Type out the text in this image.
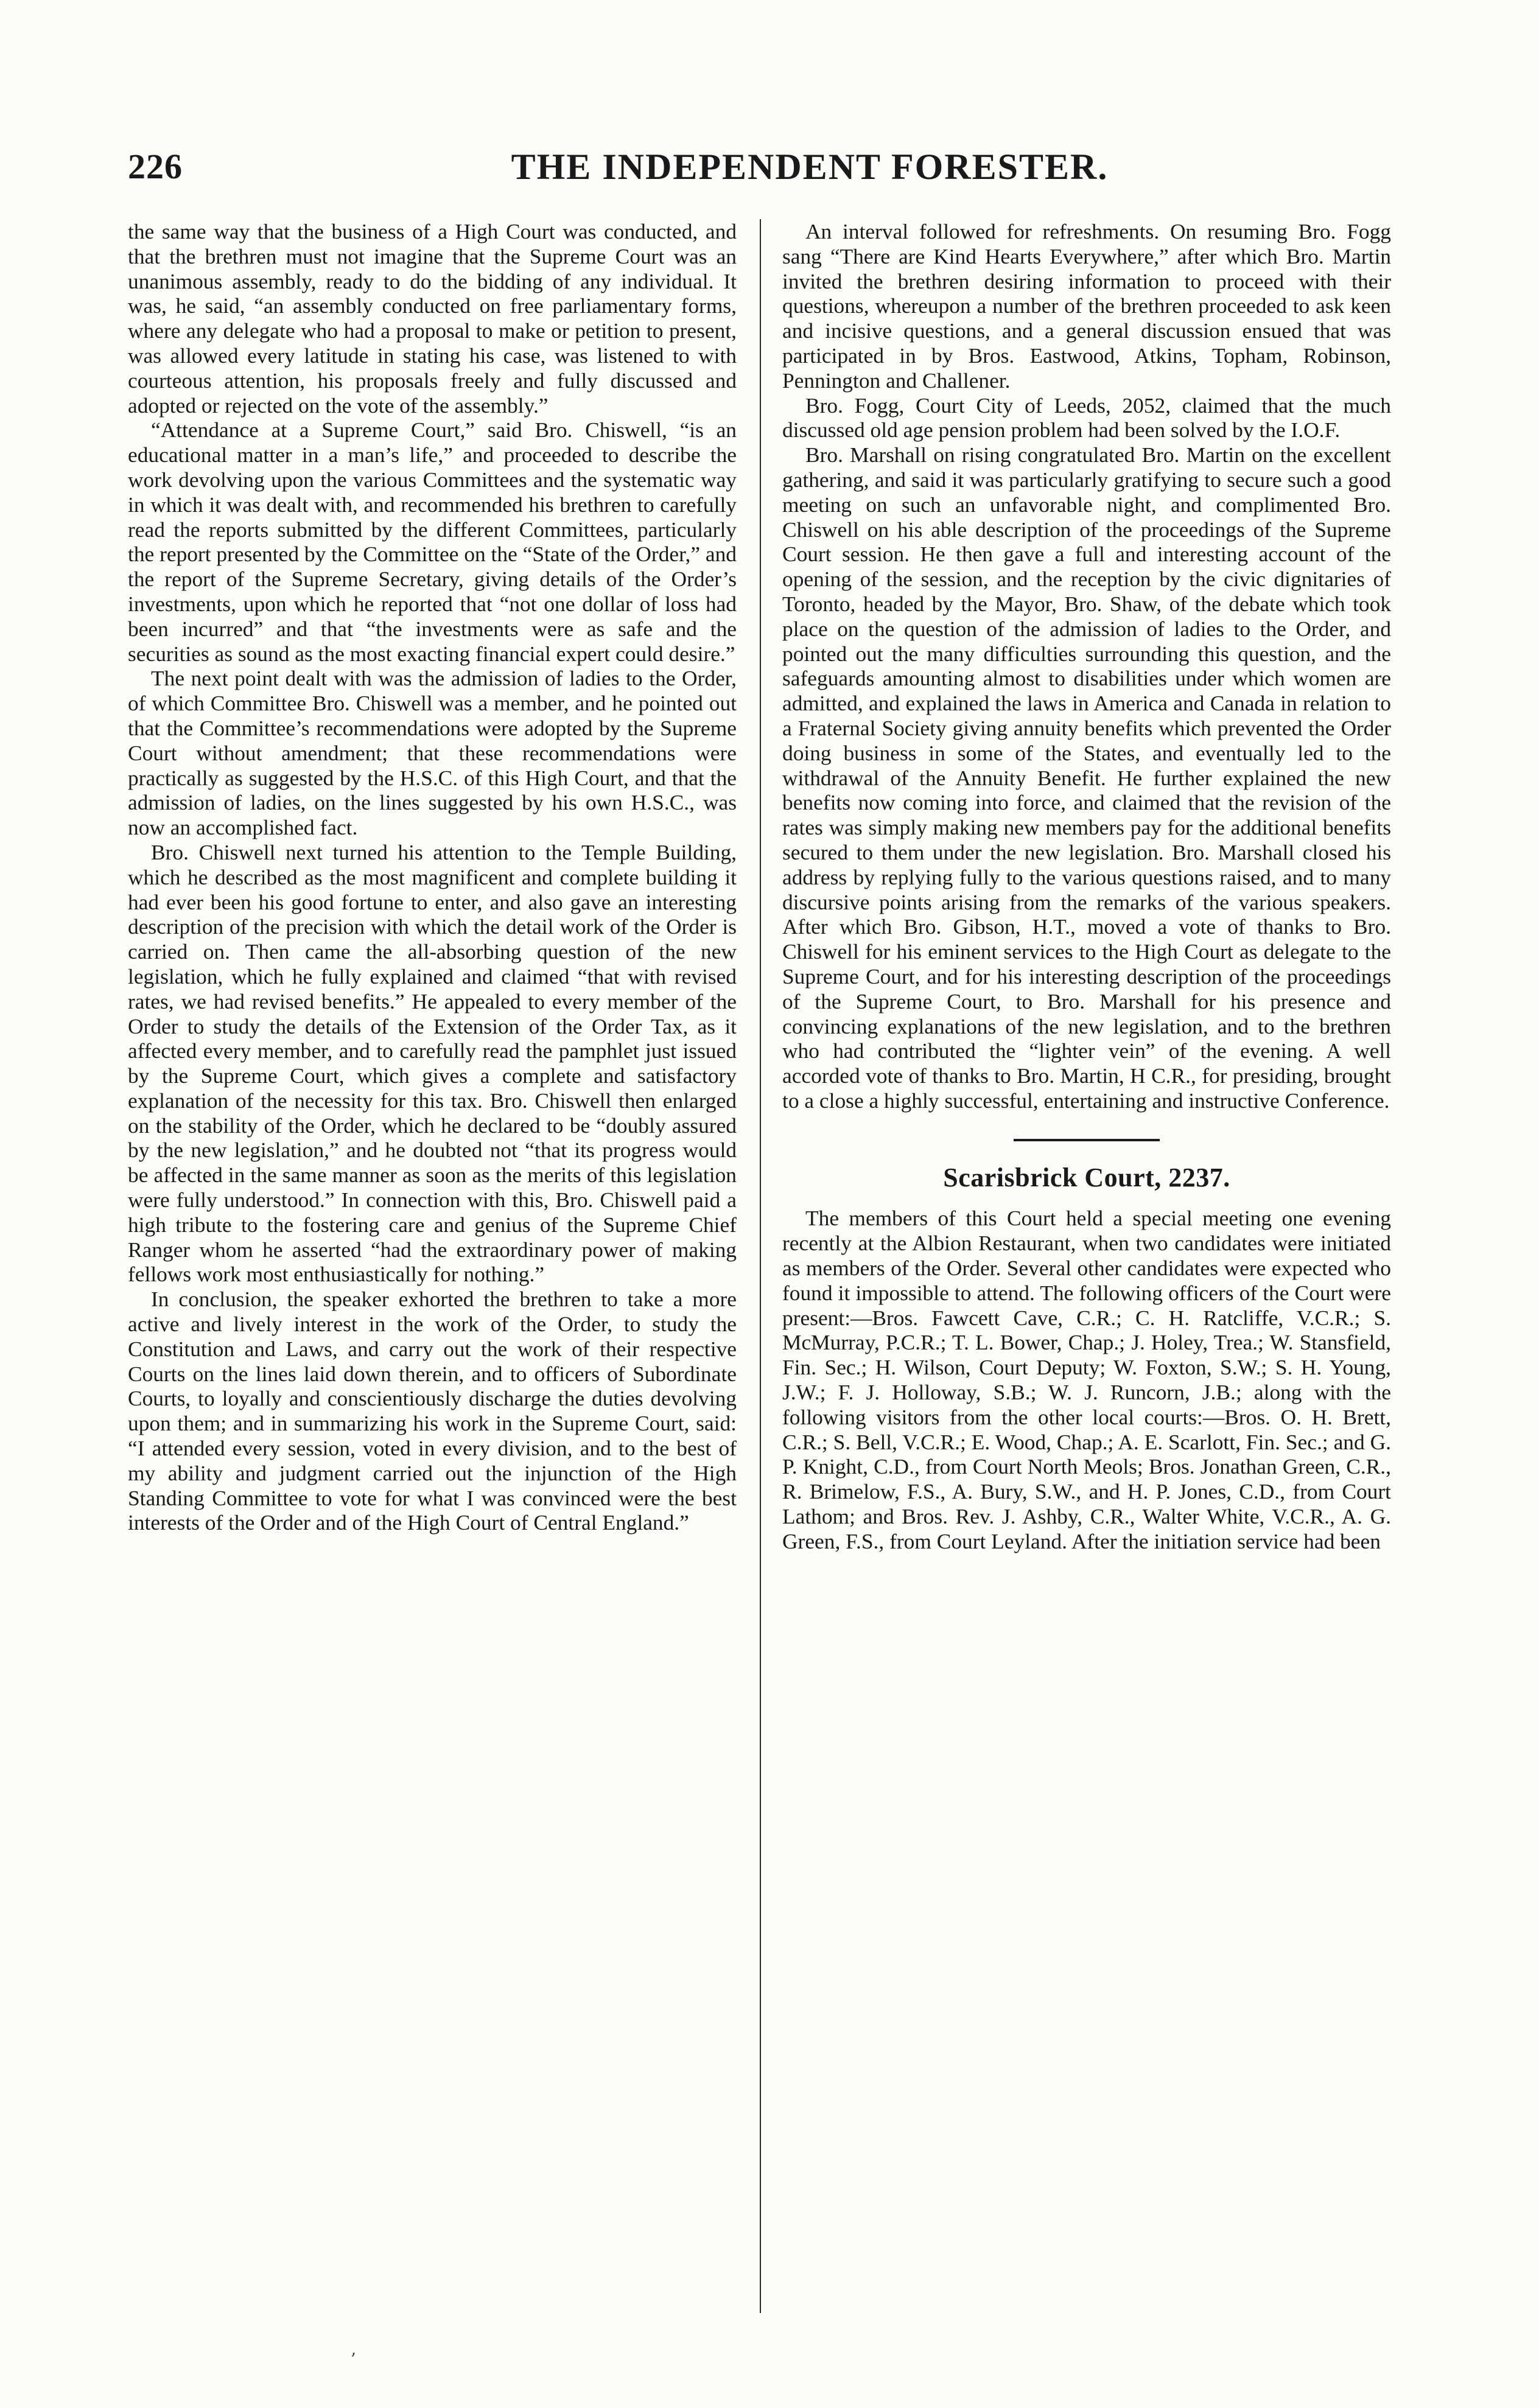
226	THE INDEPENDENT FORESTER.

the same way that the business of a High Court was conducted, and that the brethren must not imagine that the Supreme Court was an unanimous assembly, ready to do the bidding of any individual. It was, he said, “an assembly conducted on free parliamentary forms, where any delegate who had a proposal to make or petition to present, was allowed every latitude in stating his case, was listened to with courteous attention, his proposals freely and fully discussed and adopted or rejected on the vote of the assembly.”

“Attendance at a Supreme Court,” said Bro. Chiswell, “is an educational matter in a man’s life,” and proceeded to describe the work devolving upon the various Committees and the systematic way in which it was dealt with, and recommended his brethren to carefully read the reports submitted by the different Committees, particularly the report presented by the Committee on the “State of the Order,” and the report of the Supreme Secretary, giving details of the Order’s investments, upon which he reported that “not one dollar of loss had been incurred” and that “the investments were as safe and the securities as sound as the most exacting financial expert could desire.”

The next point dealt with was the admission of ladies to the Order, of which Committee Bro. Chiswell was a member, and he pointed out that the Committee’s recommendations were adopted by the Supreme Court without amendment; that these recommendations were practically as suggested by the H.S.C. of this High Court, and that the admission of ladies, on the lines suggested by his own H.S.C., was now an accomplished fact.

Bro. Chiswell next turned his attention to the Temple Building, which he described as the most magnificent and complete building it had ever been his good fortune to enter, and also gave an interesting description of the precision with which the detail work of the Order is carried on. Then came the all-absorbing question of the new legislation, which he fully explained and claimed “that with revised rates, we had revised benefits.” He appealed to every member of the Order to study the details of the Extension of the Order Tax, as it affected every member, and to carefully read the pamphlet just issued by the Supreme Court, which gives a complete and satisfactory explanation of the necessity for this tax. Bro. Chiswell then enlarged on the stability of the Order, which he declared to be “doubly assured by the new legislation,” and he doubted not “that its progress would be affected in the same manner as soon as the merits of this legislation were fully understood.” In connection with this, Bro. Chiswell paid a high tribute to the fostering care and genius of the Supreme Chief Ranger whom he asserted “had the extraordinary power of making fellows work most enthusiastically for nothing.”

In conclusion, the speaker exhorted the brethren to take a more active and lively interest in the work of the Order, to study the Constitution and Laws, and carry out the work of their respective Courts on the lines laid down therein, and to officers of Subordinate Courts, to loyally and conscientiously discharge the duties devolving upon them; and in summarizing his work in the Supreme Court, said: “I attended every session, voted in every division, and to the best of my ability and judgment carried out the injunction of the High Standing Committee to vote for what I was convinced were the best interests of the Order and of the High Court of Central England.”

An interval followed for refreshments. On resuming Bro. Fogg sang “There are Kind Hearts Everywhere,” after which Bro. Martin invited the brethren desiring information to proceed with their questions, whereupon a number of the brethren proceeded to ask keen and incisive questions, and a general discussion ensued that was participated in by Bros. Eastwood, Atkins, Topham, Robinson, Pennington and Challener.

Bro. Fogg, Court City of Leeds, 2052, claimed that the much discussed old age pension problem had been solved by the I.O.F.

Bro. Marshall on rising congratulated Bro. Martin on the excellent gathering, and said it was particularly gratifying to secure such a good meeting on such an unfavorable night, and complimented Bro. Chiswell on his able description of the proceedings of the Supreme Court session. He then gave a full and interesting account of the opening of the session, and the reception by the civic dignitaries of Toronto, headed by the Mayor, Bro. Shaw, of the debate which took place on the question of the admission of ladies to the Order, and pointed out the many difficulties surrounding this question, and the safeguards amounting almost to disabilities under which women are admitted, and explained the laws in America and Canada in relation to a Fraternal Society giving annuity benefits which prevented the Order doing business in some of the States, and eventually led to the withdrawal of the Annuity Benefit. He further explained the new benefits now coming into force, and claimed that the revision of the rates was simply making new members pay for the additional benefits secured to them under the new legislation. Bro. Marshall closed his address by replying fully to the various questions raised, and to many discursive points arising from the remarks of the various speakers. After which Bro. Gibson, H.T., moved a vote of thanks to Bro. Chiswell for his eminent services to the High Court as delegate to the Supreme Court, and for his interesting description of the proceedings of the Supreme Court, to Bro. Marshall for his presence and convincing explanations of the new legislation, and to the brethren who had contributed the “lighter vein” of the evening. A well accorded vote of thanks to Bro. Martin, H C.R., for presiding, brought to a close a highly successful, entertaining and instructive Conference.

Scarisbrick Court, 2237.

The members of this Court held a special meeting one evening recently at the Albion Restaurant, when two candidates were initiated as members of the Order. Several other candidates were expected who found it impossible to attend. The following officers of the Court were present:—Bros. Fawcett Cave, C.R.; C. H. Ratcliffe, V.C.R.; S. McMurray, P.C.R.; T. L. Bower, Chap.; J. Holey, Trea.; W. Stansfield, Fin. Sec.; H. Wilson, Court Deputy; W. Foxton, S.W.; S. H. Young, J.W.; F. J. Holloway, S.B.; W. J. Runcorn, J.B.; along with the following visitors from the other local courts:—Bros. O. H. Brett, C.R.; S. Bell, V.C.R.; E. Wood, Chap.; A. E. Scarlott, Fin. Sec.; and G. P. Knight, C.D., from Court North Meols; Bros. Jonathan Green, C.R., R. Brimelow, F.S., A. Bury, S.W., and H. P. Jones, C.D., from Court Lathom; and Bros. Rev. J. Ashby, C.R., Walter White, V.C.R., A. G. Green, F.S., from Court Leyland. After the initiation service had been

ʼ
